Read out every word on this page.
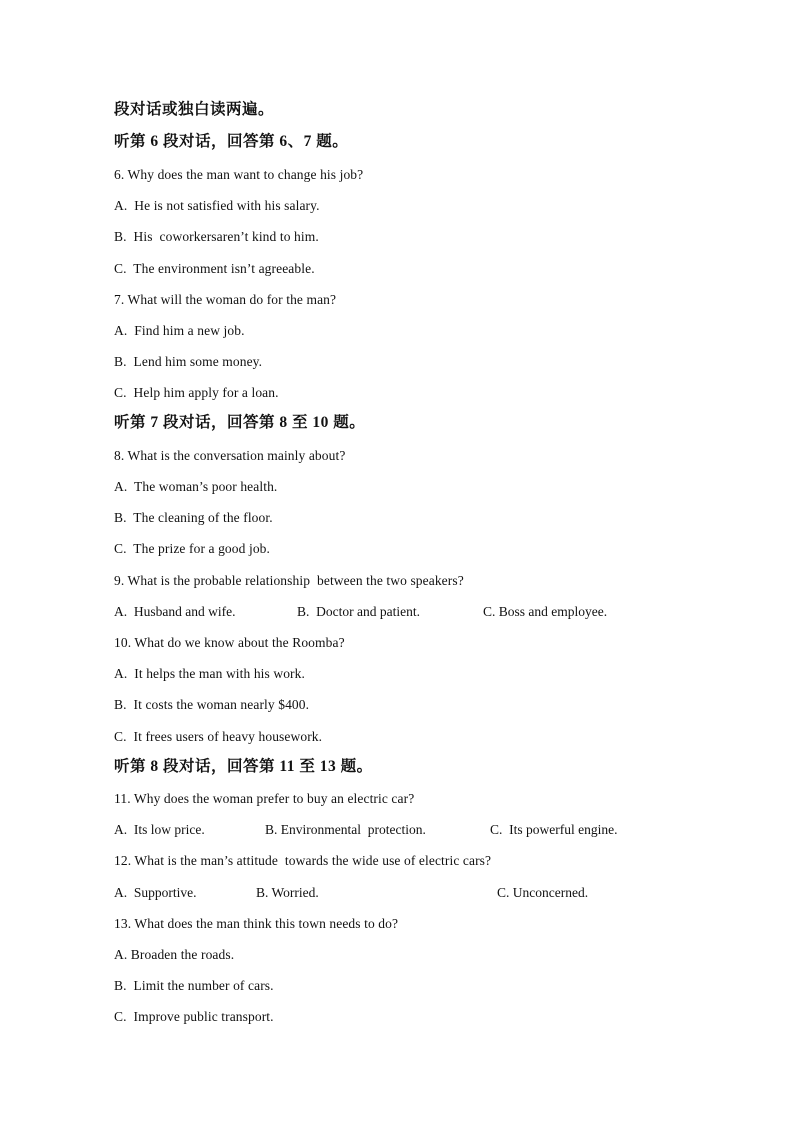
段对话或独白读两遍。
听第 6 段对话，回答第 6、7 题。
6. Why does the man want to change his job?
A.  He is not satisfied with his salary.
B.  His  coworkersaren’t kind to him.
C.  The environment isn’t agreeable.
7. What will the woman do for the man?
A.  Find him a new job.
B.  Lend him some money.
C.  Help him apply for a loan.
听第 7 段对话，回答第 8 至 10 题。
8. What is the conversation mainly about?
A.  The woman’s poor health.
B.  The cleaning of the floor.
C.  The prize for a good job.
9. What is the probable relationship  between the two speakers?
A.  Husband and wife.	B.  Doctor and patient.	C. Boss and employee.
10. What do we know about the Roomba?
A.  It helps the man with his work.
B.  It costs the woman nearly $400.
C.  It frees users of heavy housework.
听第 8 段对话，回答第 11 至 13 题。
11. Why does the woman prefer to buy an electric car?
A.  Its low price.	B. Environmental  protection.	C.  Its powerful engine.
12. What is the man’s attitude  towards the wide use of electric cars?
A.  Supportive.	B. Worried.	C. Unconcerned.
13. What does the man think this town needs to do?
A. Broaden the roads.
B.  Limit the number of cars.
C.  Improve public transport.
